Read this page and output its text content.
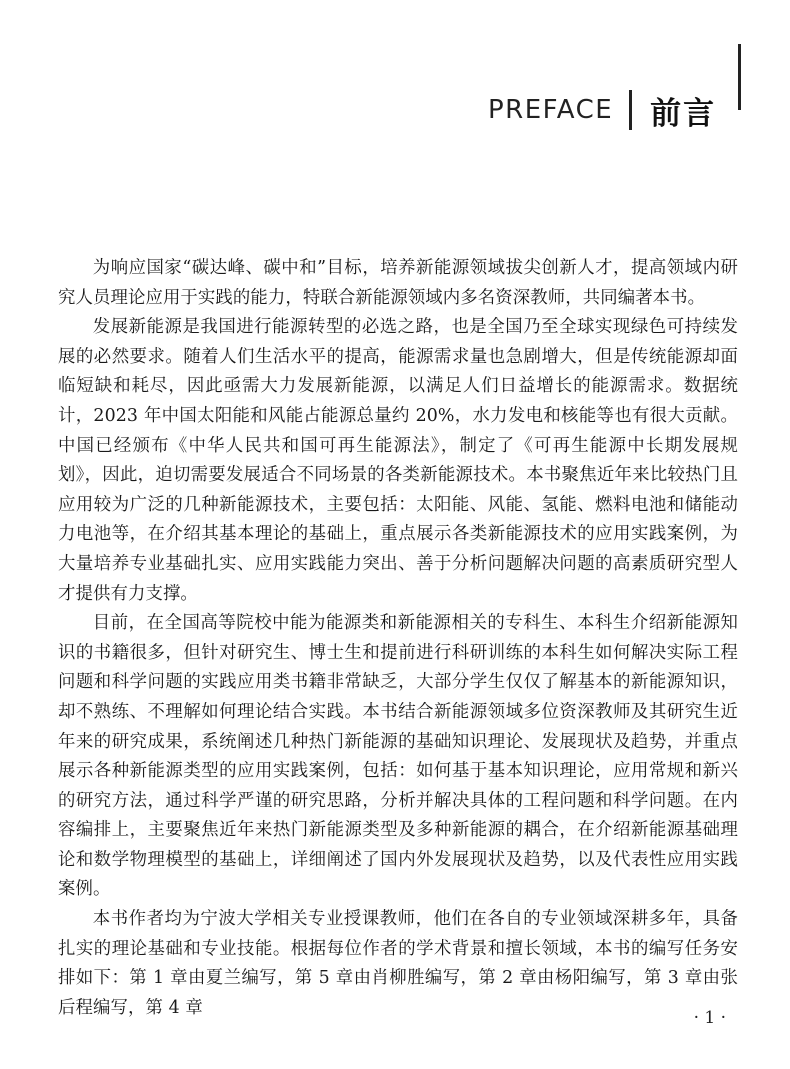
PREFACE 前言

为响应国家“碳达峰、碳中和”目标，培养新能源领域拔尖创新人才，提高领域内研究人员理论应用于实践的能力，特联合新能源领域内多名资深教师，共同编著本书。

发展新能源是我国进行能源转型的必选之路，也是全国乃至全球实现绿色可持续发展的必然要求。随着人们生活水平的提高，能源需求量也急剧增大，但是传统能源却面临短缺和耗尽，因此亟需大力发展新能源，以满足人们日益增长的能源需求。数据统计，2023 年中国太阳能和风能占能源总量约 20%，水力发电和核能等也有很大贡献。中国已经颁布《中华人民共和国可再生能源法》，制定了《可再生能源中长期发展规划》，因此，迫切需要发展适合不同场景的各类新能源技术。本书聚焦近年来比较热门且应用较为广泛的几种新能源技术，主要包括：太阳能、风能、氢能、燃料电池和储能动力电池等，在介绍其基本理论的基础上，重点展示各类新能源技术的应用实践案例，为大量培养专业基础扎实、应用实践能力突出、善于分析问题解决问题的高素质研究型人才提供有力支撑。

目前，在全国高等院校中能为能源类和新能源相关的专科生、本科生介绍新能源知识的书籍很多，但针对研究生、博士生和提前进行科研训练的本科生如何解决实际工程问题和科学问题的实践应用类书籍非常缺乏，大部分学生仅仅了解基本的新能源知识，却不熟练、不理解如何理论结合实践。本书结合新能源领域多位资深教师及其研究生近年来的研究成果，系统阐述几种热门新能源的基础知识理论、发展现状及趋势，并重点展示各种新能源类型的应用实践案例，包括：如何基于基本知识理论，应用常规和新兴的研究方法，通过科学严谨的研究思路，分析并解决具体的工程问题和科学问题。在内容编排上，主要聚焦近年来热门新能源类型及多种新能源的耦合，在介绍新能源基础理论和数学物理模型的基础上，详细阐述了国内外发展现状及趋势，以及代表性应用实践案例。

本书作者均为宁波大学相关专业授课教师，他们在各自的专业领域深耕多年，具备扎实的理论基础和专业技能。根据每位作者的学术背景和擅长领域，本书的编写任务安排如下：第 1 章由夏兰编写，第 5 章由肖柳胜编写，第 2 章由杨阳编写，第 3 章由张后程编写，第 4 章

· 1 ·
